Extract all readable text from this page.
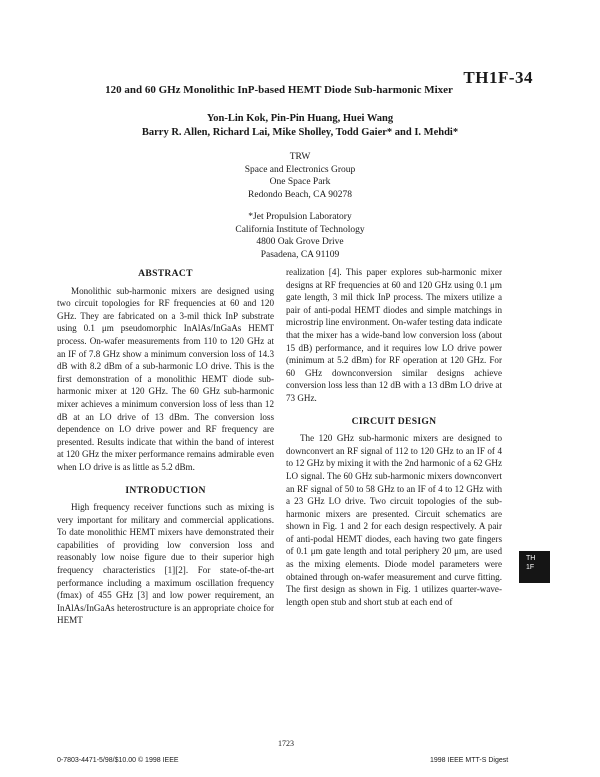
TH1F-34
120 and 60 GHz Monolithic InP-based HEMT Diode Sub-harmonic Mixer
Yon-Lin Kok, Pin-Pin Huang, Huei Wang
Barry R. Allen, Richard Lai, Mike Sholley, Todd Gaier* and I. Mehdi*
TRW
Space and Electronics Group
One Space Park
Redondo Beach, CA 90278
*Jet Propulsion Laboratory
California Institute of Technology
4800 Oak Grove Drive
Pasadena, CA 91109
ABSTRACT

Monolithic sub-harmonic mixers are designed using two circuit topologies for RF frequencies at 60 and 120 GHz. They are fabricated on a 3-mil thick InP substrate using 0.1 μm pseudomorphic InAlAs/InGaAs HEMT process. On-wafer measurements from 110 to 120 GHz at an IF of 7.8 GHz show a minimum conversion loss of 14.3 dB with 8.2 dBm of a sub-harmonic LO drive. This is the first demonstration of a monolithic HEMT diode sub-harmonic mixer at 120 GHz. The 60 GHz sub-harmonic mixer achieves a minimum conversion loss of less than 12 dB at an LO drive of 13 dBm. The conversion loss dependence on LO drive power and RF frequency are presented. Results indicate that within the band of interest at 120 GHz the mixer performance remains admirable even when LO drive is as little as 5.2 dBm.

INTRODUCTION

High frequency receiver functions such as mixing is very important for military and commercial applications. To date monolithic HEMT mixers have demonstrated their capabilities of providing low conversion loss and reasonably low noise figure due to their superior high frequency characteristics [1][2]. For state-of-the-art performance including a maximum oscillation frequency (fmax) of 455 GHz [3] and low power requirement, an InAlAs/InGaAs heterostructure is an appropriate choice for HEMT

realization [4]. This paper explores sub-harmonic mixer designs at RF frequencies at 60 and 120 GHz using 0.1 μm gate length, 3 mil thick InP process. The mixers utilize a pair of anti-podal HEMT diodes and simple matchings in microstrip line environment. On-wafer testing data indicate that the mixer has a wide-band low conversion loss (about 15 dB) performance, and it requires low LO drive power (minimum at 5.2 dBm) for RF operation at 120 GHz. For 60 GHz downconversion similar designs achieve conversion loss less than 12 dB with a 13 dBm LO drive at 73 GHz.

CIRCUIT DESIGN

The 120 GHz sub-harmonic mixers are designed to downconvert an RF signal of 112 to 120 GHz to an IF of 4 to 12 GHz by mixing it with the 2nd harmonic of a 62 GHz LO signal. The 60 GHz sub-harmonic mixers downconvert an RF signal of 50 to 58 GHz to an IF of 4 to 12 GHz with a 23 GHz LO drive. Two circuit topologies of the sub-harmonic mixers are presented. Circuit schematics are shown in Fig. 1 and 2 for each design respectively. A pair of anti-podal HEMT diodes, each having two gate fingers of 0.1 μm gate length and total periphery 20 μm, are used as the mixing elements. Diode model parameters were obtained through on-wafer measurement and curve fitting. The first design as shown in Fig. 1 utilizes quarter-wave-length open stub and short stub at each end of

TH
1F
1723
0-7803-4471-5/98/$10.00 © 1998 IEEE	1998 IEEE MTT-S Digest
